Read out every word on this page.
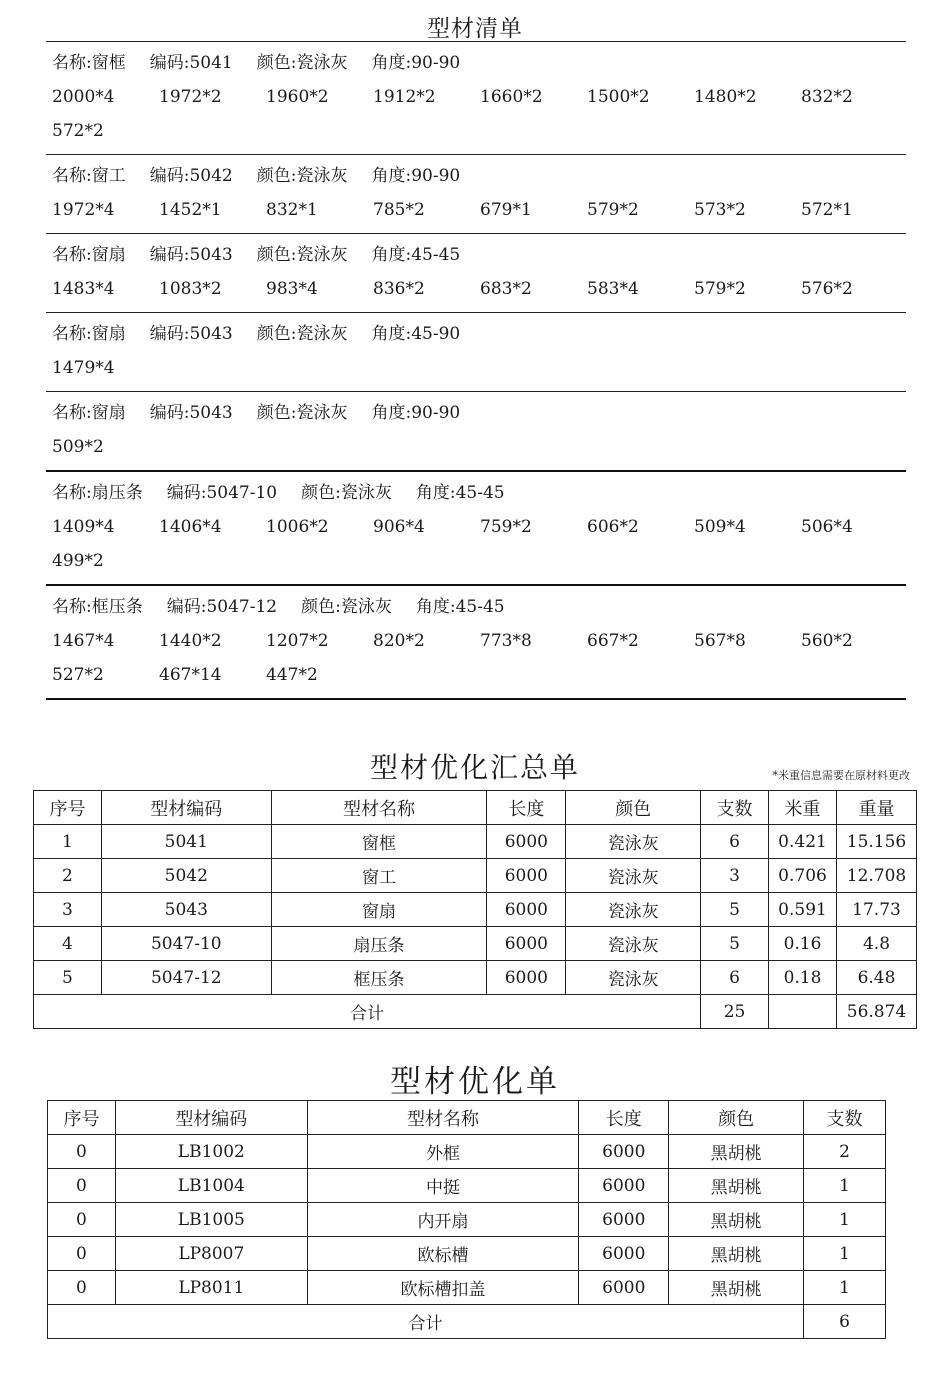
型材清单
名称:窗框 编码:5041 颜色:瓷泳灰 角度:90-90
2000*4	1972*2	1960*2	1912*2	1660*2	1500*2	1480*2	832*2
572*2
名称:窗工 编码:5042 颜色:瓷泳灰 角度:90-90
1972*4	1452*1	832*1	785*2	679*1	579*2	573*2	572*1
名称:窗扇 编码:5043 颜色:瓷泳灰 角度:45-45
1483*4	1083*2	983*4	836*2	683*2	583*4	579*2	576*2
名称:窗扇 编码:5043 颜色:瓷泳灰 角度:45-90
1479*4
名称:窗扇 编码:5043 颜色:瓷泳灰 角度:90-90
509*2
名称:扇压条 编码:5047-10 颜色:瓷泳灰 角度:45-45
1409*4	1406*4	1006*2	906*4	759*2	606*2	509*4	506*4
499*2
名称:框压条 编码:5047-12 颜色:瓷泳灰 角度:45-45
1467*4	1440*2	1207*2	820*2	773*8	667*2	567*8	560*2
527*2	467*14	447*2
型材优化汇总单	*米重信息需要在原材料更改
序号	型材编码	型材名称	长度	颜色	支数	米重	重量
1	5041	窗框	6000	瓷泳灰	6	0.421	15.156
2	5042	窗工	6000	瓷泳灰	3	0.706	12.708
3	5043	窗扇	6000	瓷泳灰	5	0.591	17.73
4	5047-10	扇压条	6000	瓷泳灰	5	0.16	4.8
5	5047-12	框压条	6000	瓷泳灰	6	0.18	6.48
合计					25		56.874
型材优化单
序号	型材编码	型材名称	长度	颜色	支数
0	LB1002	外框	6000	黑胡桃	2
0	LB1004	中挺	6000	黑胡桃	1
0	LB1005	内开扇	6000	黑胡桃	1
0	LP8007	欧标槽	6000	黑胡桃	1
0	LP8011	欧标槽扣盖	6000	黑胡桃	1
合计					6
